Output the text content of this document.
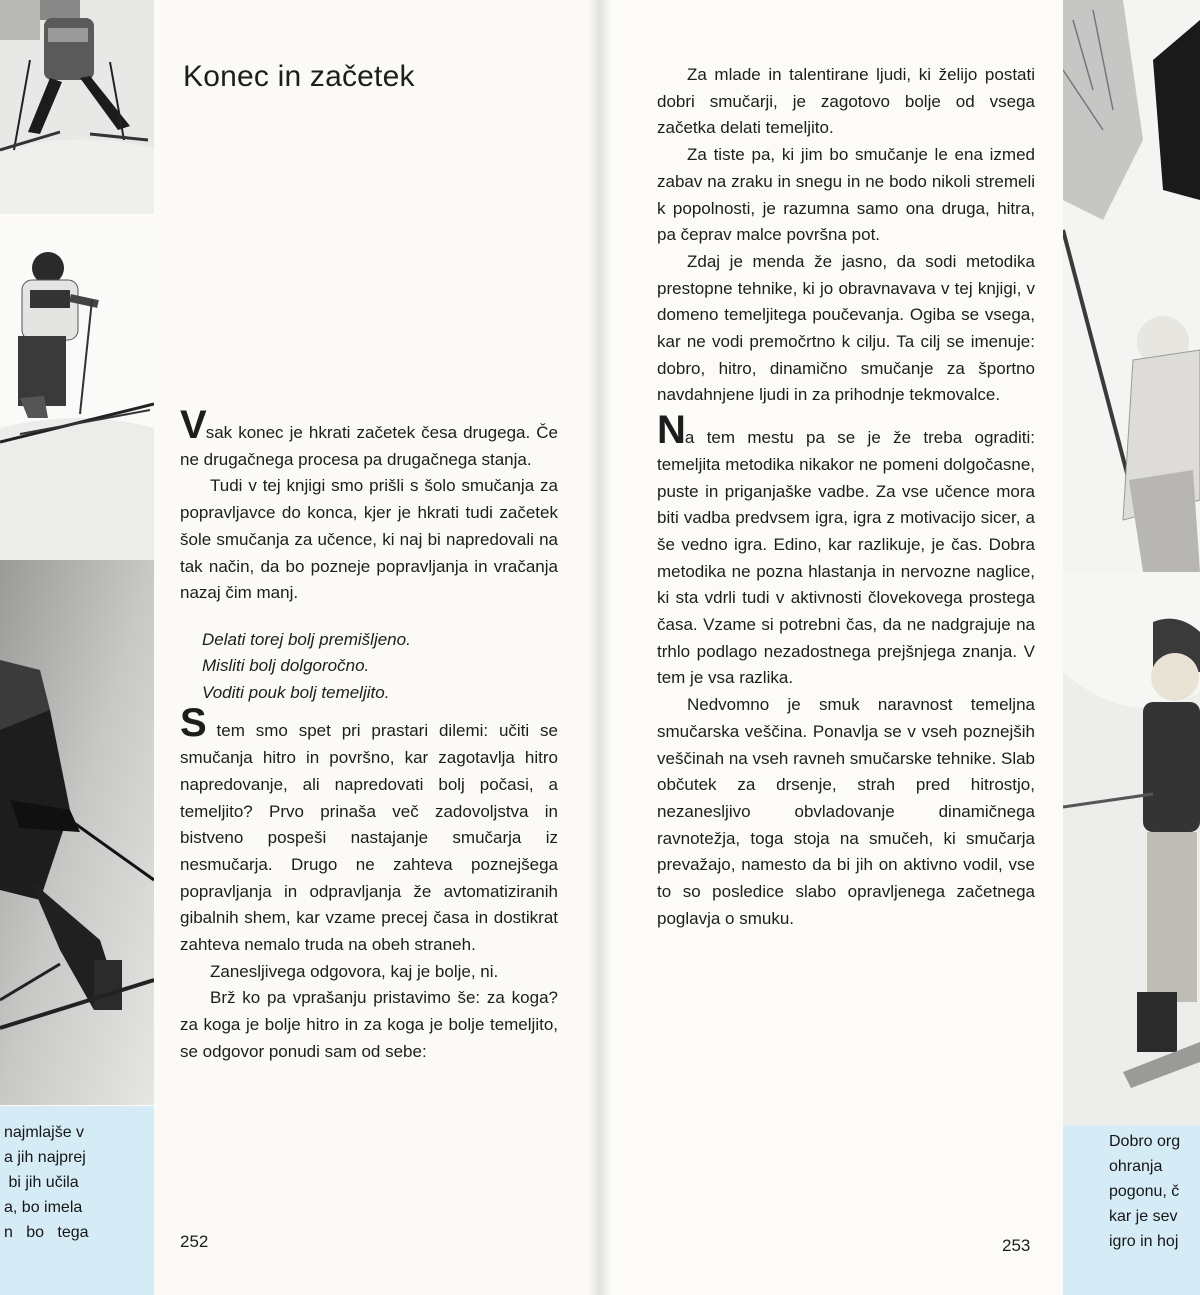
najmlajše v
a jih najprej
bi jih učila
a, bo imela
n   bo   tega
Dobro org
ohranja
pogonu, č
kar je sev
igro in hoj
Konec in začetek

Vsak konec je hkrati začetek česa drugega. Če ne drugačnega procesa pa drugačnega stanja.

Tudi v tej knjigi smo prišli s šolo smučanja za popravljavce do konca, kjer je hkrati tudi začetek šole smučanja za učence, ki naj bi napredovali na tak način, da bo pozneje popravljanja in vračanja nazaj čim manj.

Delati torej bolj premišljeno.
Misliti bolj dolgoročno.
Voditi pouk bolj temeljito.

S tem smo spet pri prastari dilemi: učiti se smučanja hitro in površno, kar zagotavlja hitro napredovanje, ali napredovati bolj počasi, a temeljito? Prvo prinaša več zadovoljstva in bistveno pospeši nastajanje smučarja iz nesmučarja. Drugo ne zahteva poznejšega popravljanja in odpravljanja že avtomatiziranih gibalnih shem, kar vzame precej časa in dostikrat zahteva nemalo truda na obeh straneh.

Zanesljivega odgovora, kaj je bolje, ni.

Brž ko pa vprašanju pristavimo še: za koga? za koga je bolje hitro in za koga je bolje temeljito, se odgovor ponudi sam od sebe:

Za mlade in talentirane ljudi, ki želijo postati dobri smučarji, je zagotovo bolje od vsega začetka delati temeljito.

Za tiste pa, ki jim bo smučanje le ena izmed zabav na zraku in snegu in ne bodo nikoli stremeli k popolnosti, je razumna samo ona druga, hitra, pa čeprav malce površna pot.

Zdaj je menda že jasno, da sodi metodika prestopne tehnike, ki jo obravnavava v tej knjigi, v domeno temeljitega poučevanja. Ogiba se vsega, kar ne vodi premočrtno k cilju. Ta cilj se imenuje: dobro, hitro, dinamično smučanje za športno navdahnjene ljudi in za prihodnje tekmovalce.

Na tem mestu pa se je že treba ograditi: temeljita metodika nikakor ne pomeni dolgočasne, puste in priganjaške vadbe. Za vse učence mora biti vadba predvsem igra, igra z motivacijo sicer, a še vedno igra. Edino, kar razlikuje, je čas. Dobra metodika ne pozna hlastanja in nervozne naglice, ki sta vdrli tudi v aktivnosti človekovega prostega časa. Vzame si potrebni čas, da ne nadgrajuje na trhlo podlago nezadostnega prejšnjega znanja. V tem je vsa razlika.

Nedvomno je smuk naravnost temeljna smučarska veščina. Ponavlja se v vseh poznejših veščinah na vseh ravneh smučarske tehnike. Slab občutek za drsenje, strah pred hitrostjo, nezanesljivo obvladovanje dinamičnega ravnotežja, toga stoja na smučeh, ki smučarja prevažajo, namesto da bi jih on aktivno vodil, vse to so posledice slabo opravljenega začetnega poglavja o smuku.

252	253
